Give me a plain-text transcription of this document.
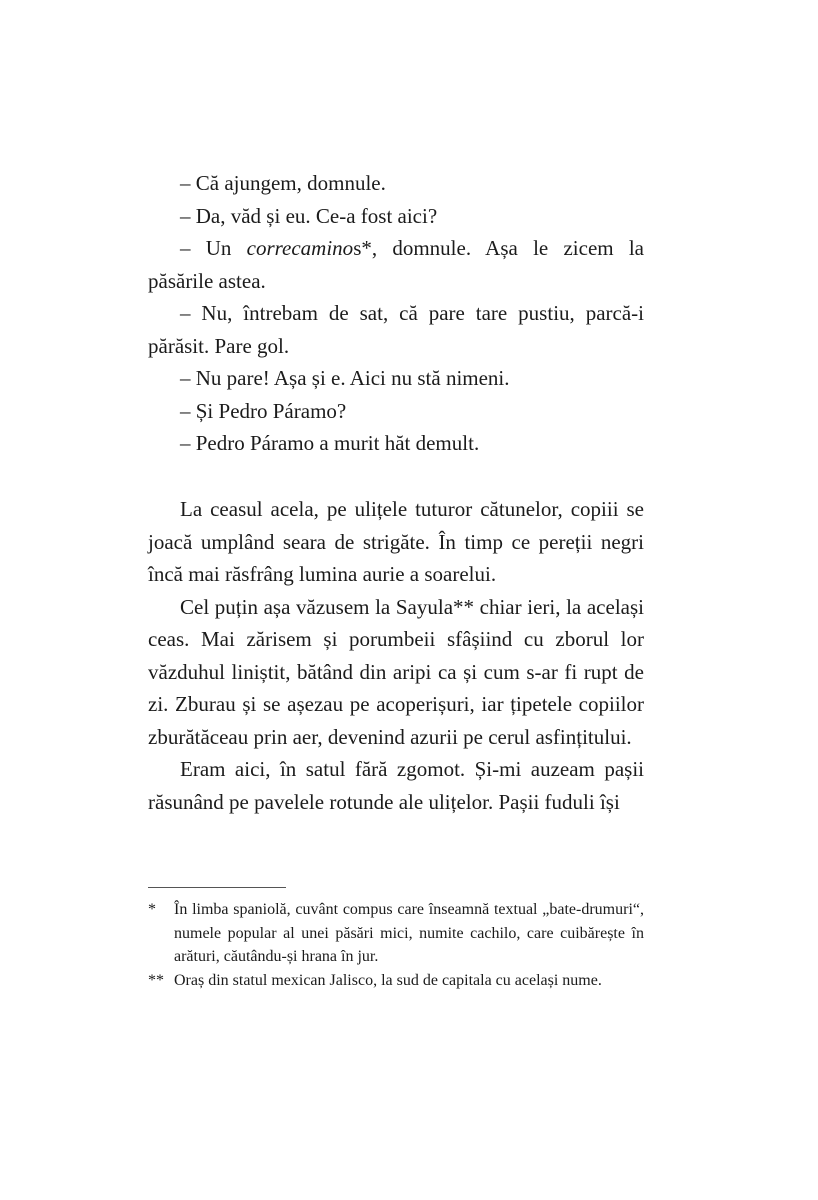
– Că ajungem, domnule.

– Da, văd și eu. Ce-a fost aici?

– Un correcaminos*, domnule. Așa le zicem la păsările astea.

– Nu, întrebam de sat, că pare tare pustiu, parcă-i părăsit. Pare gol.

– Nu pare! Așa și e. Aici nu stă nimeni.

– Și Pedro Páramo?

– Pedro Páramo a murit hăt demult.

La ceasul acela, pe ulițele tuturor cătunelor, copiii se joacă umplând seara de strigăte. În timp ce pereții negri încă mai răsfrâng lumina aurie a soarelui.

Cel puțin așa văzusem la Sayula** chiar ieri, la același ceas. Mai zărisem și porumbeii sfâșiind cu zborul lor văzduhul liniștit, bătând din aripi ca și cum s-ar fi rupt de zi. Zburau și se așezau pe acoperișuri, iar țipetele copiilor zburătăceau prin aer, devenind azurii pe cerul asfințitului.

Eram aici, în satul fără zgomot. Și-mi auzeam pașii răsunând pe pavelele rotunde ale ulițelor. Pașii fuduli își

*	În limba spaniolă, cuvânt compus care înseamnă textual „bate-drumuri“, numele popular al unei păsări mici, numite cachilo, care cuibărește în arături, căutându-și hrana în jur.
** Oraș din statul mexican Jalisco, la sud de capitala cu același nume.
